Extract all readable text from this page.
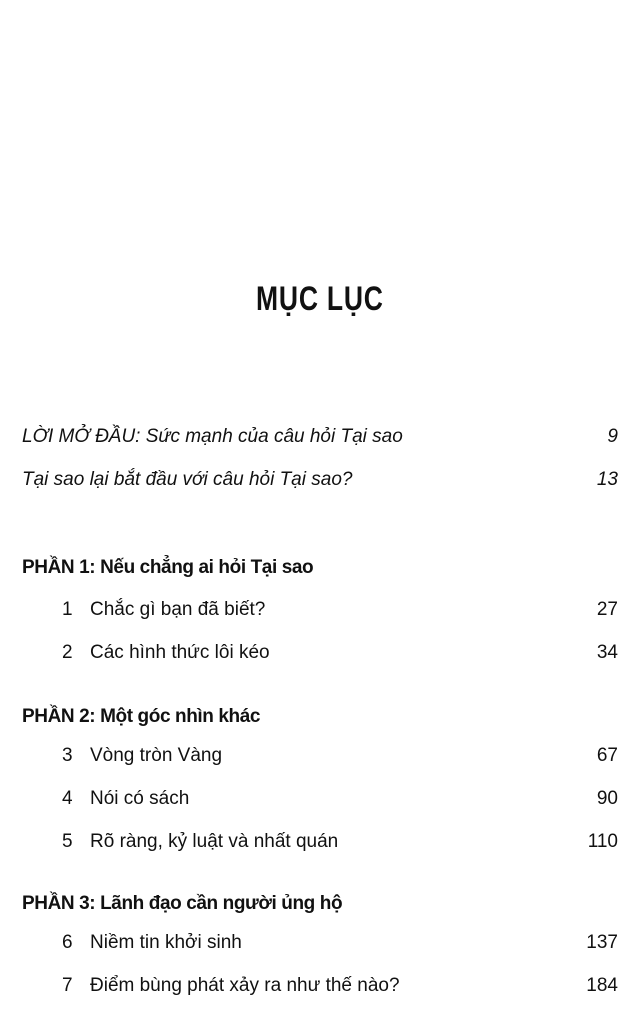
MỤC LỤC
LỜI MỞ ĐẦU: Sức mạnh của câu hỏi Tại sao	9
Tại sao lại bắt đầu với câu hỏi Tại sao?	13
PHẦN 1: Nếu chẳng ai hỏi Tại sao
1 Chắc gì bạn đã biết?	27
2 Các hình thức lôi kéo	34
PHẦN 2: Một góc nhìn khác
3 Vòng tròn Vàng	67
4 Nói có sách	90
5 Rõ ràng, kỷ luật và nhất quán	110
PHẦN 3: Lãnh đạo cần người ủng hộ
6 Niềm tin khởi sinh	137
7 Điểm bùng phát xảy ra như thế nào?	184
